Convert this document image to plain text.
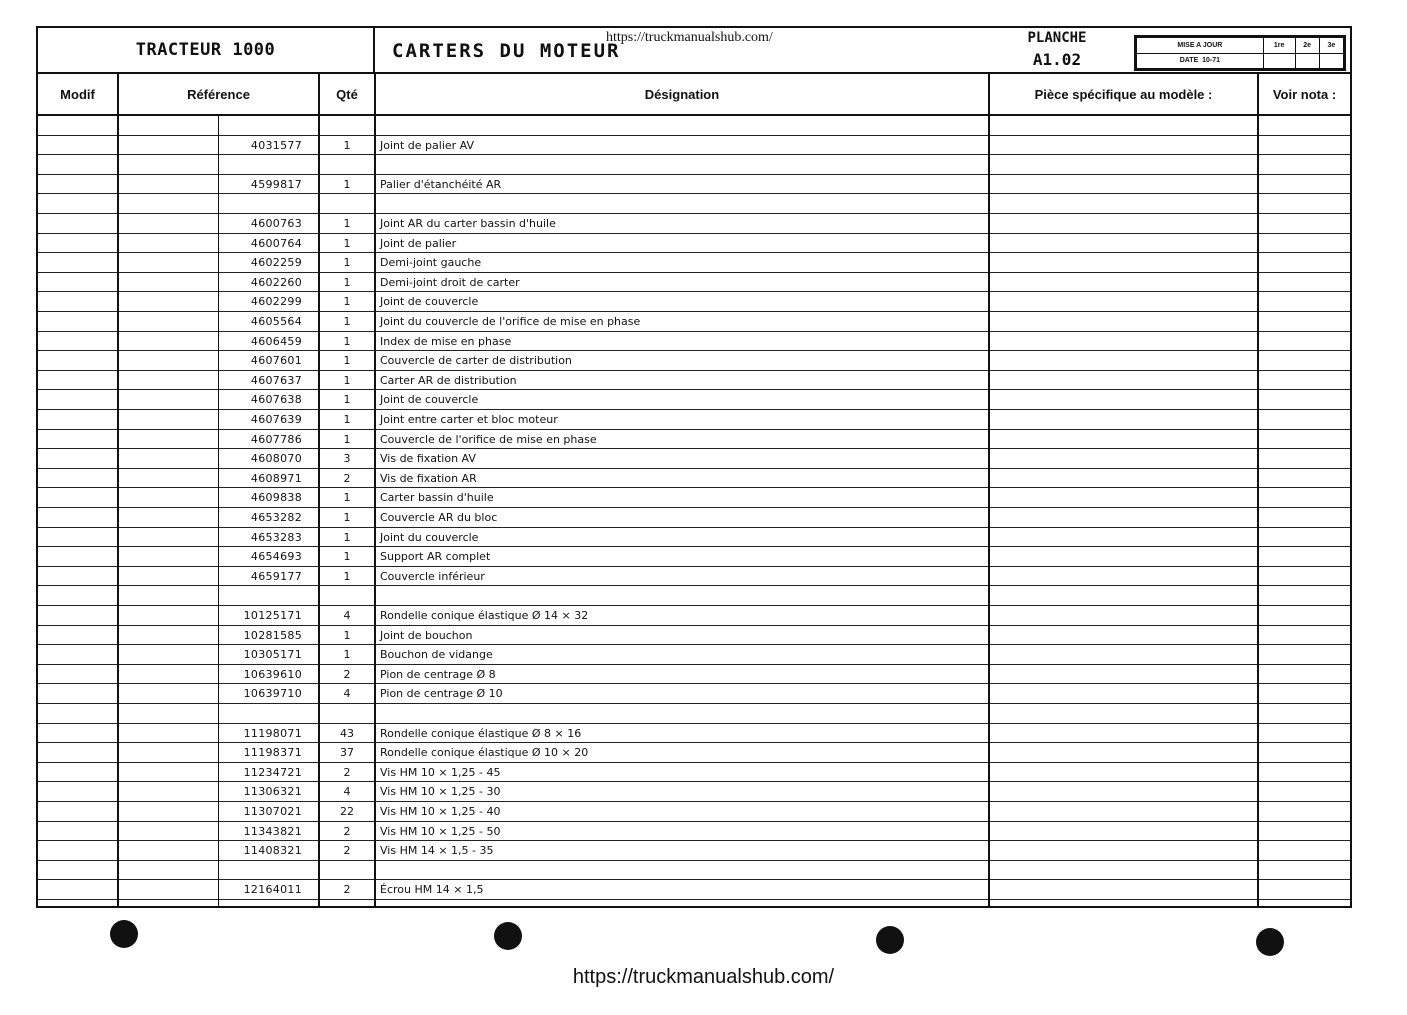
TRACTEUR 1000	CARTERS DU MOTEUR
https://truckmanualshub.com/	PLANCHE
A1.02
MISE A JOUR	1re	2e	3e
DATE 10-71			
Modif	Référence	Qté	Désignation	Pièce spécifique au modèle :	Voir nota :
4031577	1	Joint de palier AV
4599817	1	Palier d'étanchéité AR
4600763	1	Joint AR du carter bassin d'huile
4600764	1	Joint de palier
4602259	1	Demi-joint gauche
4602260	1	Demi-joint droit de carter
4602299	1	Joint de couvercle
4605564	1	Joint du couvercle de l'orifice de mise en phase
4606459	1	Index de mise en phase
4607601	1	Couvercle de carter de distribution
4607637	1	Carter AR de distribution
4607638	1	Joint de couvercle
4607639	1	Joint entre carter et bloc moteur
4607786	1	Couvercle de l'orifice de mise en phase
4608070	3	Vis de fixation AV
4608971	2	Vis de fixation AR
4609838	1	Carter bassin d'huile
4653282	1	Couvercle AR du bloc
4653283	1	Joint du couvercle
4654693	1	Support AR complet
4659177	1	Couvercle inférieur
10125171	4	Rondelle conique élastique Ø 14 × 32
10281585	1	Joint de bouchon
10305171	1	Bouchon de vidange
10639610	2	Pion de centrage Ø 8
10639710	4	Pion de centrage Ø 10
11198071	43	Rondelle conique élastique Ø 8 × 16
11198371	37	Rondelle conique élastique Ø 10 × 20
11234721	2	Vis HM 10 × 1,25 - 45
11306321	4	Vis HM 10 × 1,25 - 30
11307021	22	Vis HM 10 × 1,25 - 40
11343821	2	Vis HM 10 × 1,25 - 50
11408321	2	Vis HM 14 × 1,5 - 35
12164011	2	Écrou HM 14 × 1,5
https://truckmanualshub.com/
